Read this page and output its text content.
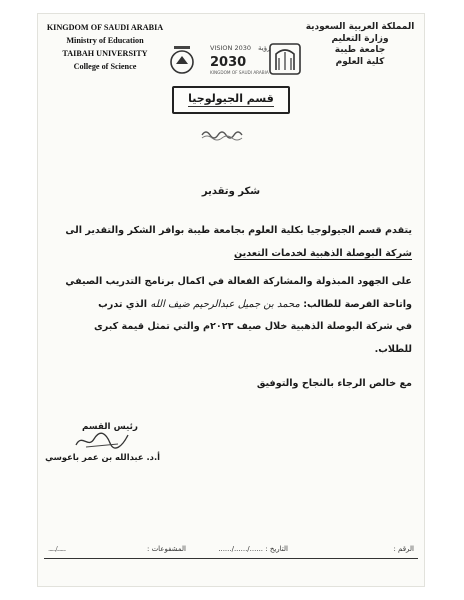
KINGDOM OF SAUDI ARABIA
Ministry of Education
TAIBAH UNIVERSITY
College of Science
VISION 2030 رؤية
KINGDOM OF SAUDI ARABIA
2030
المملكة العربية السعودية
وزارة التعليم
جامعة طيبة
كلية العلوم
قسم الجيولوجيا
شكر وتقدير
يتقدم قسم الجيولوجيا بكلية العلوم بجامعة طيبة بوافر الشكر والتقدير الى
شركة البوصلة الذهبية لخدمات التعدين
على الجهود المبذولة والمشاركة الفعالة في اكمال برنامج التدريب الصيفي
واتاحة الفرصة للطالب: محمد بن جميل عبدالرحيم ضيف الله الذي تدرب
في شركة البوصلة الذهبية خلال صيف ٢٠٢٣م والتي تمثل قيمة كبرى
للطلاب.
مع خالص الرجاء بالنجاح والتوفيق
رئيس القسم
أ.د. عبدالله بن عمر باعوسي
الرقم :
التاريخ : ....../....../......
المشفوعات :
......./......
